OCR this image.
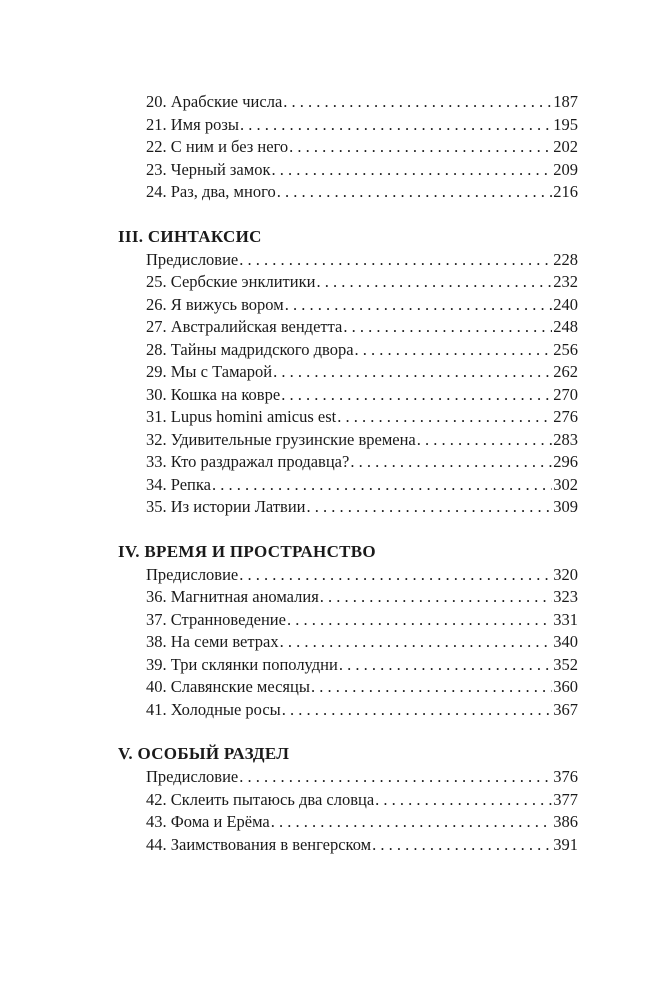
20. Арабские числа . . .	187
21. Имя розы . . .	195
22. С ним и без него . . .	202
23. Черный замок . . .	209
24. Раз, два, много . . .	216
III. СИНТАКСИС
Предисловие . . .	228
25. Сербские энклитики . . .	232
26. Я вижусь вором . . .	240
27. Австралийская вендетта . . .	248
28. Тайны мадридского двора . . .	256
29. Мы с Тамарой . . .	262
30. Кошка на ковре . . .	270
31. Lupus homini amicus est . . .	276
32. Удивительные грузинские времена . . .	283
33. Кто раздражал продавца? . . .	296
34. Репка . . .	302
35. Из истории Латвии . . .	309
IV. ВРЕМЯ И ПРОСТРАНСТВО
Предисловие . . .	320
36. Магнитная аномалия . . .	323
37. Странноведение . . .	331
38. На семи ветрах . . .	340
39. Три склянки пополудни . . .	352
40. Славянские месяцы . . .	360
41. Холодные росы . . .	367
V. ОСОБЫЙ РАЗДЕЛ
Предисловие . . .	376
42. Склеить пытаюсь два словца . . .	377
43. Фома и Ерёма . . .	386
44. Заимствования в венгерском . . .	391
